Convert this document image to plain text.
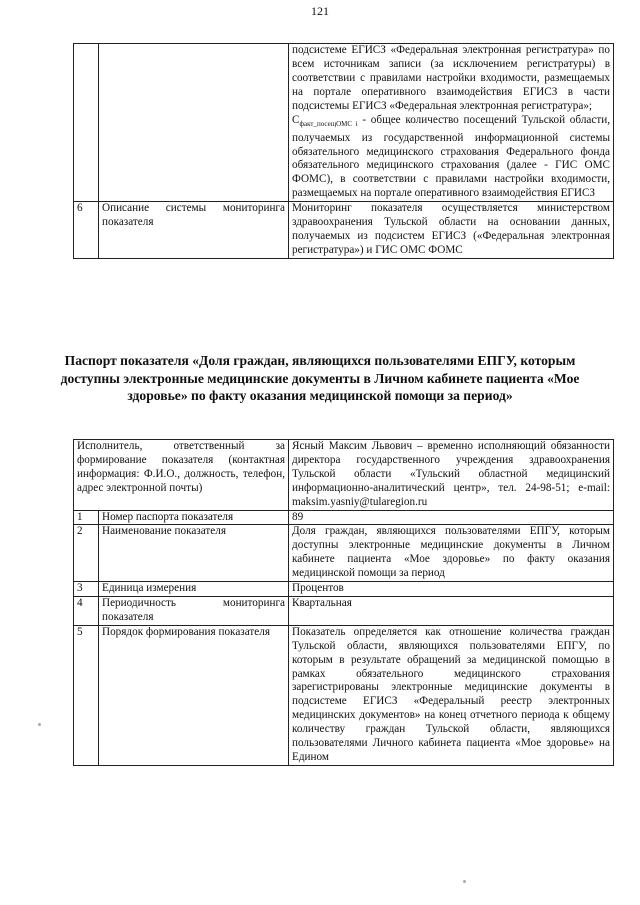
121

		подсистеме ЕГИСЗ «Федеральная электронная регистратура» по всем источникам записи (за исключением регистратуры) в соответствии с правилами настройки входимости, размещаемых на портале оперативного взаимодействия ЕГИСЗ в части подсистемы ЕГИСЗ «Федеральная электронная регистратура»;
$С_{факт\_посещОМС i}$ - общее количество посещений Тульской области, получаемых из государственной информационной системы обязательного медицинского страхования Федерального фонда обязательного медицинского страхования (далее - ГИС ОМС ФОМС), в соответствии с правилами настройки входимости, размещаемых на портале оперативного взаимодействия ЕГИСЗ

6	Описание системы мониторинга показателя	Мониторинг показателя осуществляется министерством здравоохранения Тульской области на основании данных, получаемых из подсистем ЕГИСЗ («Федеральная электронная регистратура») и ГИС ОМС ФОМС
Паспорт показателя «Доля граждан, являющихся пользователями ЕПГУ, которым доступны электронные медицинские документы в Личном кабинете пациента «Мое здоровье» по факту оказания медицинской помощи за период»
Исполнитель, ответственный за формирование показателя (контактная информация: Ф.И.О., должность, телефон, адрес электронной почты)		Ясный Максим Львович – временно исполняющий обязанности директора государственного учреждения здравоохранения Тульской области «Тульский областной медицинский информационно-аналитический центр», тел. 24-98-51; e-mail: maksim.yasniy@tularegion.ru
1	Номер паспорта показателя	89
2	Наименование показателя	Доля граждан, являющихся пользователями ЕПГУ, которым доступны электронные медицинские документы в Личном кабинете пациента «Мое здоровье» по факту оказания медицинской помощи за период
3	Единица измерения	Процентов
4	Периодичность мониторинга показателя	Квартальная
5	Порядок формирования показателя	Показатель определяется как отношение количества граждан Тульской области, являющихся пользователями ЕПГУ, по которым в результате обращений за медицинской помощью в рамках обязательного медицинского страхования зарегистрированы электронные медицинские документы в подсистеме ЕГИСЗ «Федеральный реестр электронных медицинских документов» на конец отчетного периода к общему количеству граждан Тульской области, являющихся пользователями Личного кабинета пациента «Мое здоровье» на Едином
